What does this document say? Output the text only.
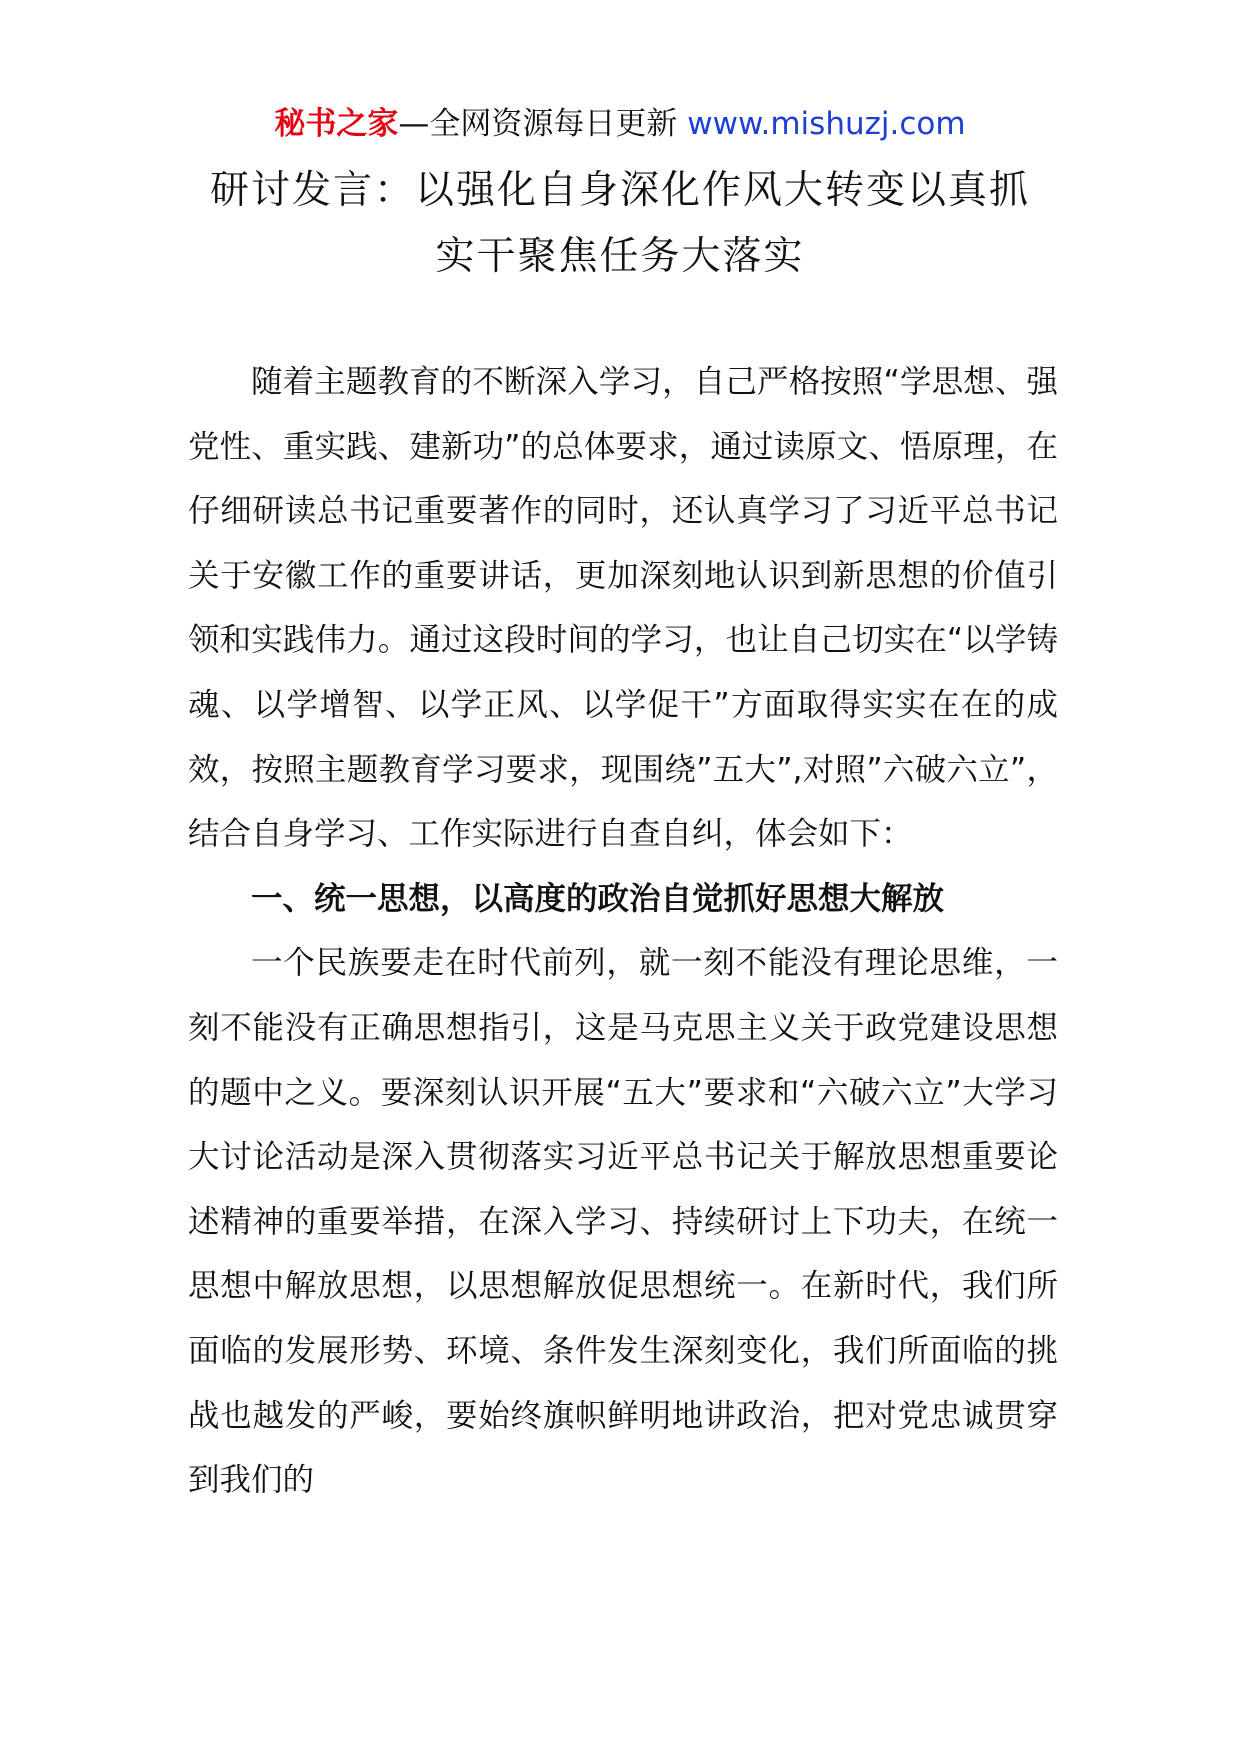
秘书之家—全网资源每日更新 www.mishuzj.com
研讨发言：以强化自身深化作风大转变以真抓
实干聚焦任务大落实

随着主题教育的不断深入学习，自己严格按照“学思想、强党性、重实践、建新功”的总体要求，通过读原文、悟原理，在仔细研读总书记重要著作的同时，还认真学习了习近平总书记关于安徽工作的重要讲话，更加深刻地认识到新思想的价值引领和实践伟力。通过这段时间的学习，也让自己切实在“以学铸魂、以学增智、以学正风、以学促干”方面取得实实在在的成效，按照主题教育学习要求，现围绕”五大”,对照”六破六立”，结合自身学习、工作实际进行自查自纠，体会如下：

一、统一思想，以高度的政治自觉抓好思想大解放

一个民族要走在时代前列，就一刻不能没有理论思维，一刻不能没有正确思想指引，这是马克思主义关于政党建设思想的题中之义。要深刻认识开展“五大”要求和“六破六立”大学习大讨论活动是深入贯彻落实习近平总书记关于解放思想重要论述精神的重要举措，在深入学习、持续研讨上下功夫，在统一思想中解放思想，以思想解放促思想统一。在新时代，我们所面临的发展形势、环境、条件发生深刻变化，我们所面临的挑战也越发的严峻，要始终旗帜鲜明地讲政治，把对党忠诚贯穿到我们的
